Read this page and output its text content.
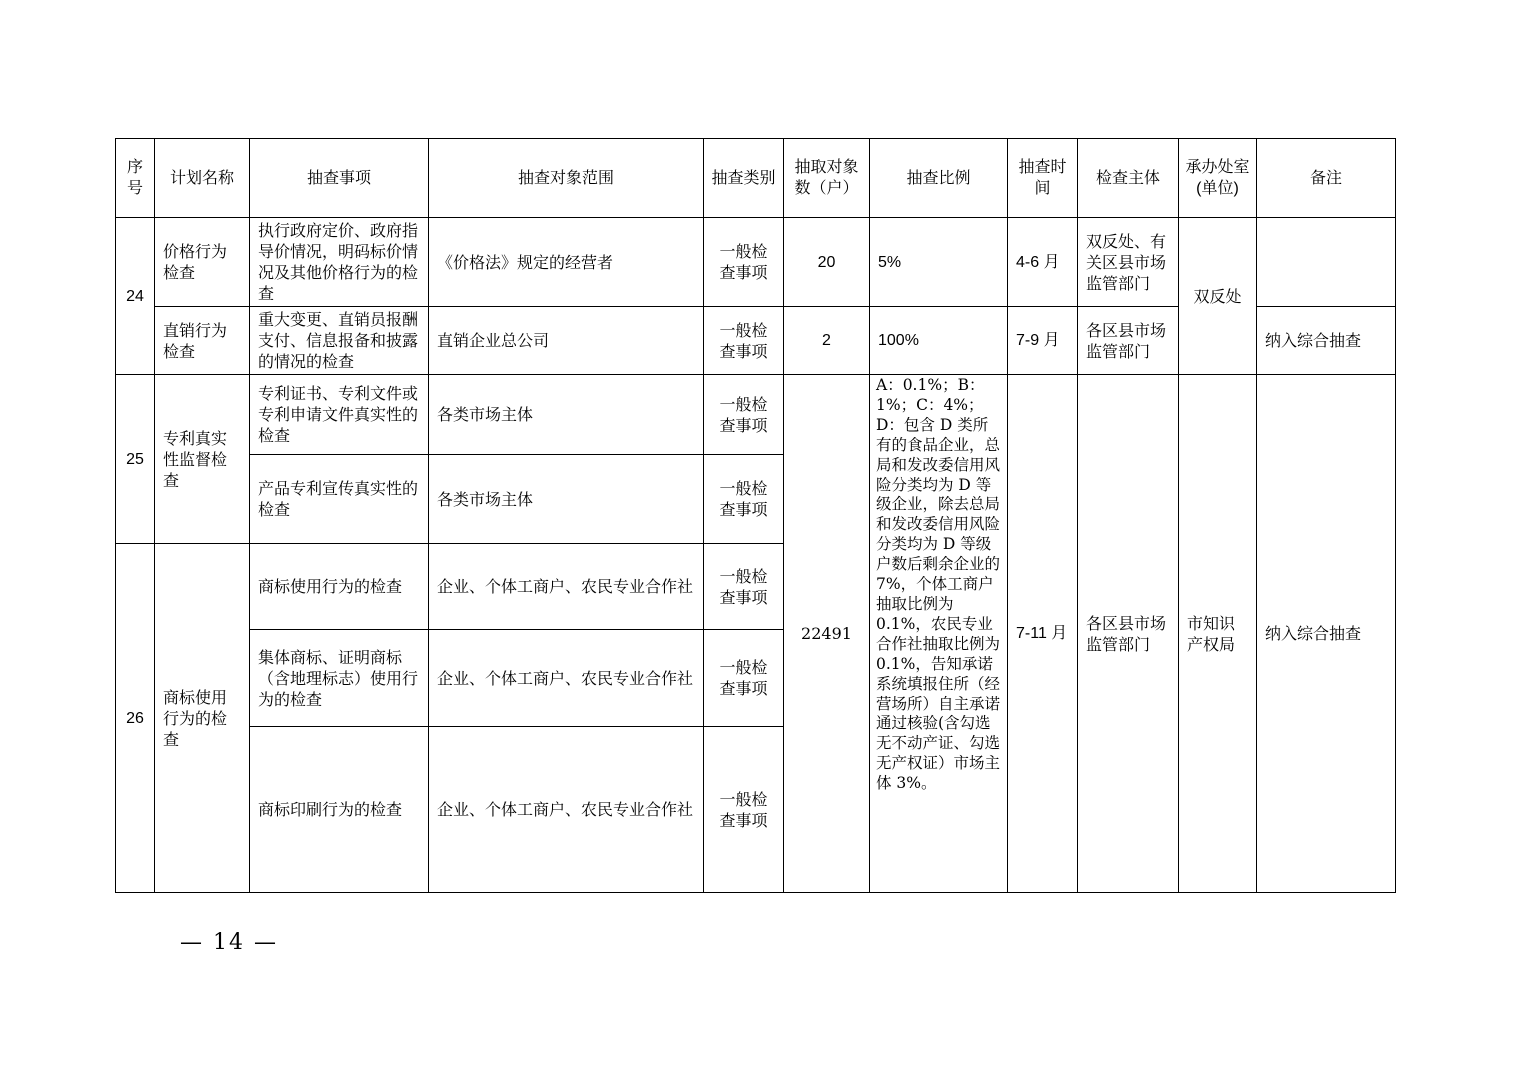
序号	计划名称	抽查事项	抽查对象范围	抽查类别	抽取对象数（户）	抽查比例	抽查时间	检查主体	承办处室(单位)	备注
24	价格行为检查	执行政府定价、政府指导价情况，明码标价情况及其他价格行为的检查	《价格法》规定的经营者	一般检查事项	20	5%	4-6 月	双反处、有关区县市场监管部门	双反处	
	直销行为检查	重大变更、直销员报酬支付、信息报备和披露的情况的检查	直销企业总公司	一般检查事项	2	100%	7-9 月	各区县市场监管部门		纳入综合抽查
25	专利真实性监督检查	专利证书、专利文件或专利申请文件真实性的检查	各类市场主体	一般检查事项	22491	A：0.1%；B：1%；C：4%；D：包含 D 类所有的食品企业，总局和发改委信用风险分类均为 D 等级企业，除去总局和发改委信用风险分类均为 D 等级户数后剩余企业的 7%，个体工商户抽取比例为 0.1%，农民专业合作社抽取比例为 0.1%，告知承诺系统填报住所（经营场所）自主承诺通过核验(含勾选无不动产证、勾选无产权证）市场主体 3%。	7-11 月	各区县市场监管部门	市知识产权局	纳入综合抽查
		产品专利宣传真实性的检查	各类市场主体	一般检查事项						
26	商标使用行为的检查	商标使用行为的检查	企业、个体工商户、农民专业合作社	一般检查事项						
		集体商标、证明商标（含地理标志）使用行为的检查	企业、个体工商户、农民专业合作社	一般检查事项						
		商标印刷行为的检查	企业、个体工商户、农民专业合作社	一般检查事项						
— 14 —
